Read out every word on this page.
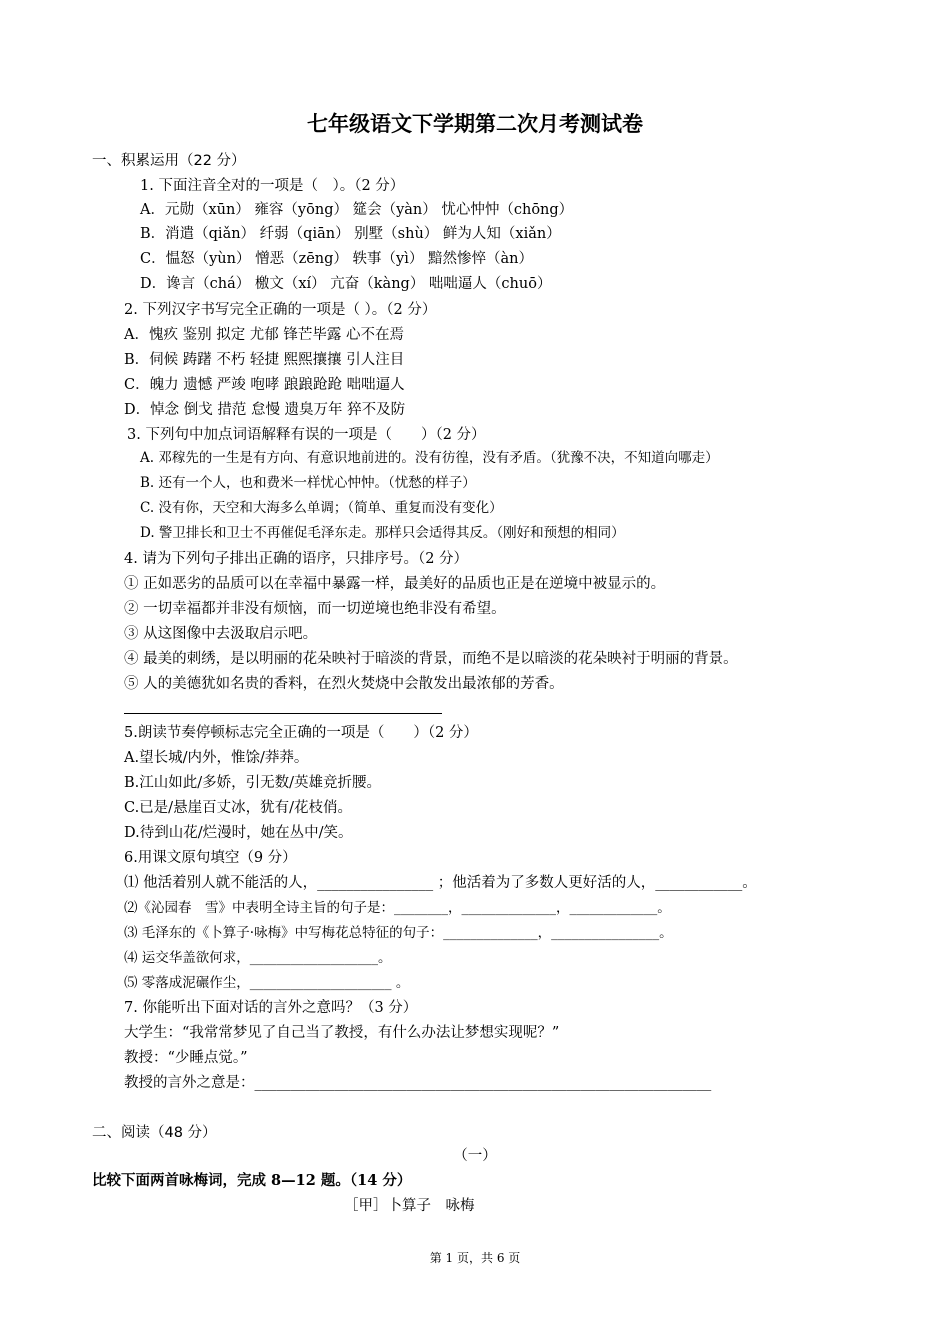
七年级语文下学期第二次月考测试卷
一、积累运用（22 分）
1. 下面注音全对的一项是（　）。（2 分）
A．元勋（xūn） 雍容（yōng） 筵会（yàn） 忧心忡忡（chōng）
B．消遣（qiǎn） 纤弱（qiān） 别墅（shù） 鲜为人知（xiǎn）
C．愠怒（yùn） 憎恶（zēng） 轶事（yì） 黯然惨悴（àn）
D．谗言（chá） 檄文（xí） 亢奋（kàng） 咄咄逼人（chuō）
2. 下列汉字书写完全正确的一项是（ ）。（2 分）
A．愧疚 鉴别 拟定 尤郁 锋芒毕露 心不在焉
B．伺候 踌躇 不朽 轻捷 熙熙攘攘 引人注目
C．魄力 遗憾 严竣 咆哮 踉踉跄跄 咄咄逼人
D．悼念 倒戈 措范 怠慢 遗臭万年 猝不及防
3. 下列句中加点词语解释有误的一项是（　　）（2 分）
A. 邓稼先的一生是有方向、有意识地前进的。没有彷徨，没有矛盾。（犹豫不决，不知道向哪走）
B. 还有一个人，也和费米一样忧心忡忡。（忧愁的样子）
C. 没有你，天空和大海多么单调；（简单、重复而没有变化）
D. 警卫排长和卫士不再催促毛泽东走。那样只会适得其反。（刚好和预想的相同）
4. 请为下列句子排出正确的语序，只排序号。（2 分）
① 正如恶劣的品质可以在幸福中暴露一样，最美好的品质也正是在逆境中被显示的。
② 一切幸福都并非没有烦恼，而一切逆境也绝非没有希望。
③ 从这图像中去汲取启示吧。
④ 最美的刺绣，是以明丽的花朵映衬于暗淡的背景，而绝不是以暗淡的花朵映衬于明丽的背景。
⑤ 人的美德犹如名贵的香料，在烈火焚烧中会散发出最浓郁的芳香。
5.朗读节奏停顿标志完全正确的一项是（　　）（2 分）
A.望长城/内外，惟馀/莽莽。
B.江山如此/多娇，引无数/英雄竞折腰。
C.已是/悬崖百丈冰，犹有/花枝俏。
D.待到山花/烂漫时，她在丛中/笑。
6.用课文原句填空（9 分）
⑴ 他活着别人就不能活的人，________________ ；他活着为了多数人更好活的人，____________。
⑵《沁园春　雪》中表明全诗主旨的句子是：________，______________，_____________。
⑶ 毛泽东的《卜算子·咏梅》中写梅花总特征的句子：______________，________________。
⑷ 运交华盖欲何求，___________________。
⑸ 零落成泥碾作尘，_____________________ 。
7. 你能听出下面对话的言外之意吗？（3 分）
大学生：“我常常梦见了自己当了教授，有什么办法让梦想实现呢？”
教授：“少睡点觉。”
教授的言外之意是：_______________________________________________________________
二、阅读（48 分）
（一）
比较下面两首咏梅词，完成 8—12 题。（14 分）
［甲］卜算子　咏梅
第 1 页，共 6 页
